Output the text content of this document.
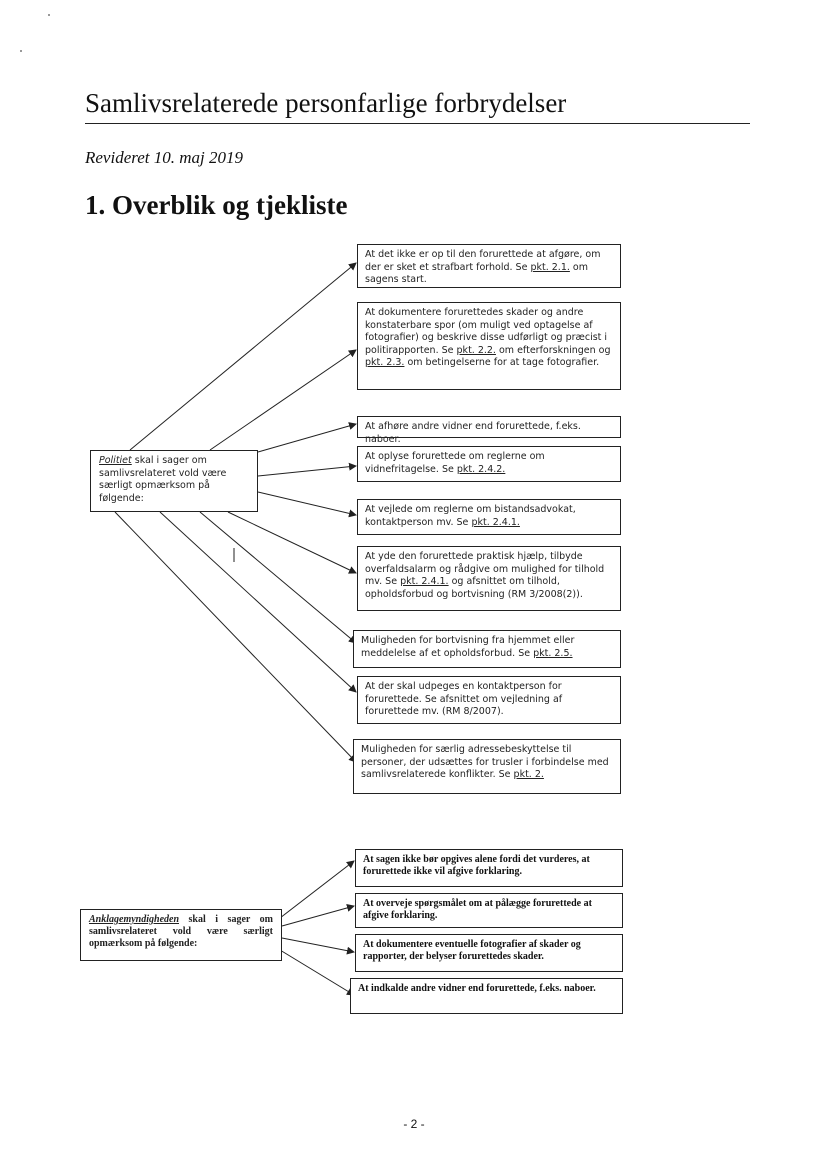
Samlivsrelaterede personfarlige forbrydelser
Revideret 10. maj 2019
1. Overblik og tjekliste
Politiet skal i sager om samlivsrelateret vold være særligt opmærksom på følgende:
At det ikke er op til den forurettede at afgøre, om der er sket et strafbart forhold. Se pkt. 2.1. om sagens start.
At dokumentere forurettedes skader og andre konstaterbare spor (om muligt ved optagelse af fotografier) og beskrive disse udførligt og præcist i politirapporten. Se pkt. 2.2. om efterforskningen og pkt. 2.3. om betingelserne for at tage fotografier.
At afhøre andre vidner end forurettede, f.eks. naboer.
At oplyse forurettede om reglerne om vidnefritagelse. Se pkt. 2.4.2.
At vejlede om reglerne om bistandsadvokat, kontaktperson mv. Se pkt. 2.4.1.
At yde den forurettede praktisk hjælp, tilbyde overfaldsalarm og rådgive om mulighed for tilhold mv. Se pkt. 2.4.1. og afsnittet om tilhold, opholdsforbud og bortvisning (RM 3/2008(2)).
Muligheden for bortvisning fra hjemmet eller meddelelse af et opholdsforbud. Se pkt. 2.5.
At der skal udpeges en kontaktperson for forurettede. Se afsnittet om vejledning af forurettede mv. (RM 8/2007).
Muligheden for særlig adressebeskyttelse til personer, der udsættes for trusler i forbindelse med samlivsrelaterede konflikter. Se pkt. 2.
Anklagemyndigheden skal i sager om samlivsrelateret vold være særligt opmærksom på følgende:
At sagen ikke bør opgives alene fordi det vurderes, at forurettede ikke vil afgive forklaring.
At overveje spørgsmålet om at pålægge forurettede at afgive forklaring.
At dokumentere eventuelle fotografier af skader og rapporter, der belyser forurettedes skader.
At indkalde andre vidner end forurettede, f.eks. naboer.
- 2 -
